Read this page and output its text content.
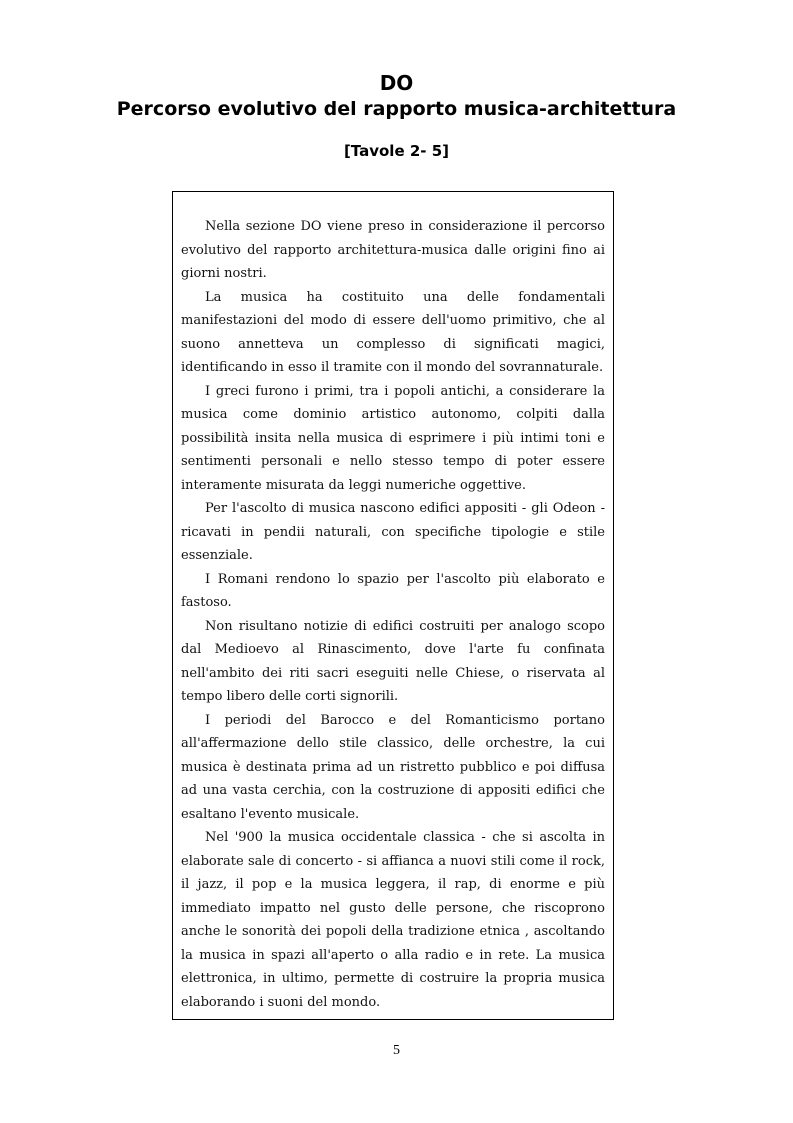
DO
Percorso evolutivo del rapporto musica-architettura
[Tavole 2- 5]

Nella sezione DO viene preso in considerazione il percorso evolutivo del rapporto architettura-musica dalle origini fino ai giorni nostri.

La musica ha costituito una delle fondamentali manifestazioni del modo di essere dell'uomo primitivo, che al suono annetteva un complesso di significati magici, identificando in esso il tramite con il mondo del sovrannaturale.

I greci furono i primi, tra i popoli antichi, a considerare la musica come dominio artistico autonomo, colpiti dalla possibilità insita nella musica di esprimere i più intimi toni e sentimenti personali e nello stesso tempo di poter essere interamente misurata da leggi numeriche oggettive.

Per l'ascolto di musica nascono edifici appositi - gli Odeon - ricavati in pendii naturali, con specifiche tipologie e stile essenziale.

I Romani rendono lo spazio per l'ascolto più elaborato e fastoso.

Non risultano notizie di edifici costruiti per analogo scopo dal Medioevo al Rinascimento, dove l'arte fu confinata nell'ambito dei riti sacri eseguiti nelle Chiese, o riservata al tempo libero delle corti signorili.

I periodi del Barocco e del Romanticismo portano all'affermazione dello stile classico, delle orchestre, la cui musica è destinata prima ad un ristretto pubblico e poi diffusa ad una vasta cerchia, con la costruzione di appositi edifici che esaltano l'evento musicale.

Nel '900 la musica occidentale classica - che si ascolta in elaborate sale di concerto - si affianca a nuovi stili come il rock, il jazz, il pop e la musica leggera, il rap, di enorme e più immediato impatto nel gusto delle persone, che riscoprono anche le sonorità dei popoli della tradizione etnica , ascoltando la musica in spazi all'aperto o alla radio e in rete. La musica elettronica, in ultimo, permette di costruire la propria musica elaborando i suoni del mondo.

5
